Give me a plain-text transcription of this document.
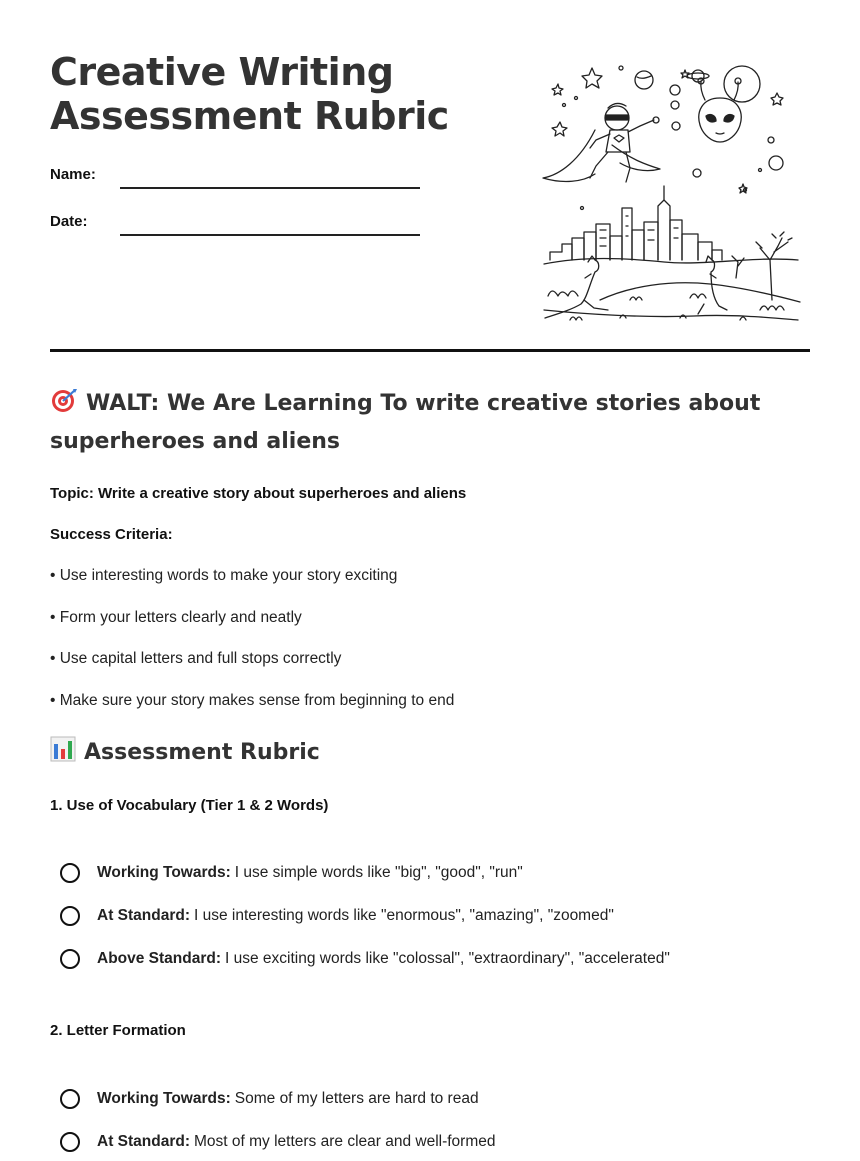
Creative Writing
Assessment Rubric
Name:
Date:
WALT: We Are Learning To write creative stories about
superheroes and aliens
Topic: Write a creative story about superheroes and aliens
Success Criteria:
• Use interesting words to make your story exciting
• Form your letters clearly and neatly
• Use capital letters and full stops correctly
• Make sure your story makes sense from beginning to end
Assessment Rubric
1. Use of Vocabulary (Tier 1 & 2 Words)
Working Towards: I use simple words like "big", "good", "run"
At Standard: I use interesting words like "enormous", "amazing", "zoomed"
Above Standard: I use exciting words like "colossal", "extraordinary", "accelerated"
2. Letter Formation
Working Towards: Some of my letters are hard to read
At Standard: Most of my letters are clear and well-formed
